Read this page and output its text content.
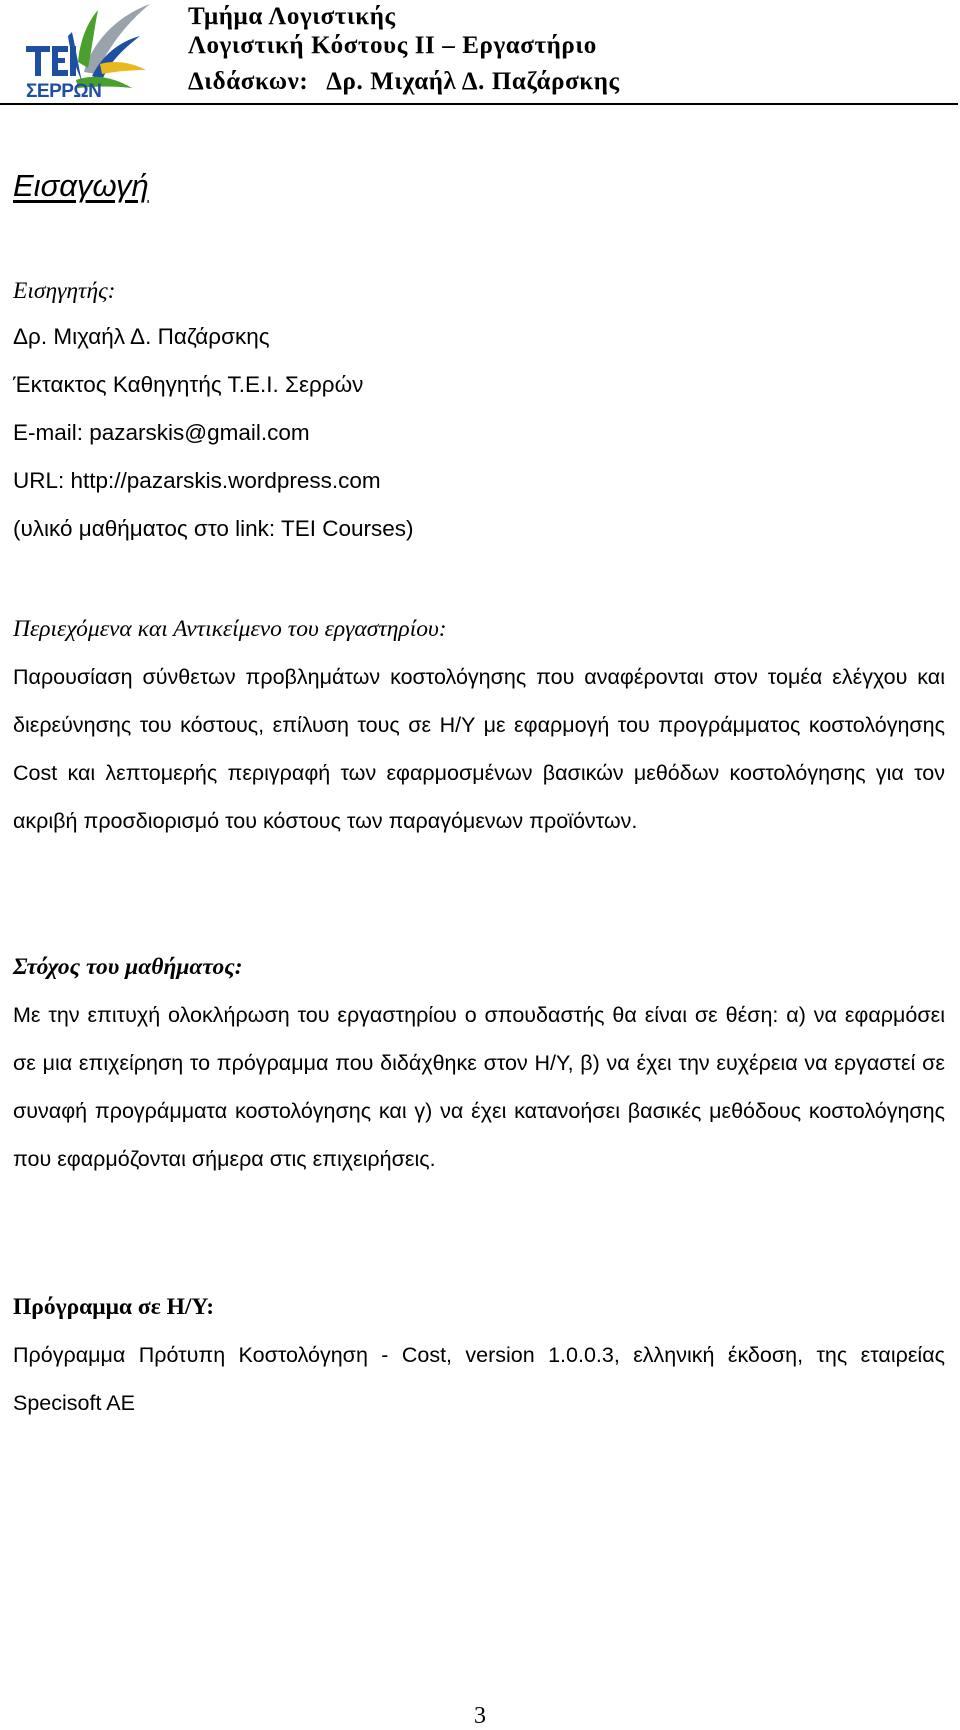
ΣΕΡΡΩΝ
Τμήμα Λογιστικής
Λογιστική Κόστους ΙΙ – Εργαστήριο
Διδάσκων: Δρ. Μιχαήλ Δ. Παζάρσκης
Εισαγωγή
Εισηγητής:
Δρ. Μιχαήλ Δ. Παζάρσκης
Έκτακτος Καθηγητής Τ.Ε.Ι. Σερρών
E-mail: pazarskis@gmail.com
URL: http://pazarskis.wordpress.com
(υλικό μαθήματος στο link: TEI Courses)
Περιεχόμενα και Αντικείμενο του εργαστηρίου:

Παρουσίαση σύνθετων προβλημάτων κοστολόγησης που αναφέρονται στον τομέα ελέγχου και διερεύνησης του κόστους, επίλυση τους σε Η/Υ με εφαρμογή του προγράμματος κοστολόγησης Cost και λεπτομερής περιγραφή των εφαρμοσμένων βασικών μεθόδων κοστολόγησης για τον ακριβή προσδιορισμό του κόστους των παραγόμενων προϊόντων.

Στόχος του μαθήματος:

Με την επιτυχή ολοκλήρωση του εργαστηρίου ο σπουδαστής θα είναι σε θέση: α) να εφαρμόσει σε μια επιχείρηση το πρόγραμμα που διδάχθηκε στον Η/Υ, β) να έχει την ευχέρεια να εργαστεί σε συναφή προγράμματα κοστολόγησης και γ) να έχει κατανοήσει βασικές μεθόδους κοστολόγησης που εφαρμόζονται σήμερα στις επιχειρήσεις.

Πρόγραμμα σε Η/Υ:

Πρόγραμμα Πρότυπη Κοστολόγηση - Cost, version 1.0.0.3, ελληνική έκδοση, της εταιρείας Specisoft AE

3
